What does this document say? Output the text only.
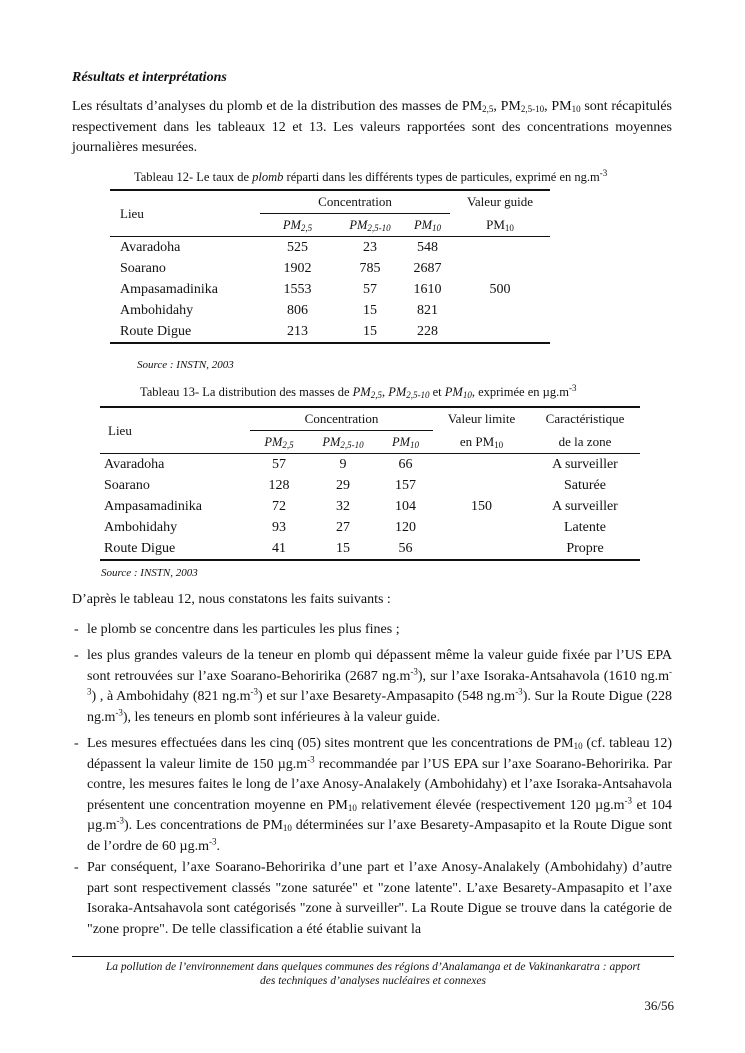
Résultats et interprétations
Les résultats d’analyses du plomb et de la distribution des masses de PM2,5, PM2,5-10, PM10 sont récapitulés respectivement dans les tableaux 12 et 13. Les valeurs rapportées sont des concentrations moyennes journalières mesurées.
Tableau 12- Le taux de plomb réparti dans les différents types de particules, exprimé en $ng.m^{-3}$
Lieu	Concentration			Valeur guide
	PM2,5	PM2,5-10	PM10	PM10
Avaradoha	525	23	548	500
Soarano	1902	785	2687	
Ampasamadinika	1553	57	1610	
Ambohidahy	806	15	821	
Route Digue	213	15	228	
Source : INSTN, 2003
Tableau 13- La distribution des masses de PM2,5, PM2,5-10 et PM10, exprimée en $\mu g.m^{-3}$
Lieu	Concentration			Valeur limite	Caractéristique
	PM2,5	PM2,5-10	PM10	en PM10	de la zone
Avaradoha	57	9	66	150	A surveiller
Soarano	128	29	157		Saturée
Ampasamadinika	72	32	104		A surveiller
Ambohidahy	93	27	120		Latente
Route Digue	41	15	56		Propre
Source : INSTN, 2003
D’après le tableau 12, nous constatons les faits suivants :
- le plomb se concentre dans les particules les plus fines ;
- les plus grandes valeurs de la teneur en plomb qui dépassent même la valeur guide fixée par l’US EPA sont retrouvées sur l’axe Soarano-Behoririka (2687 $ng.m^{-3}$), sur l’axe Isoraka-Antsahavola (1610 $ng.m^{-3}$) , à Ambohidahy (821 $ng.m^{-3}$) et sur l’axe Besarety-Ampasapito (548 $ng.m^{-3}$). Sur la Route Digue (228 $ng.m^{-3}$), les teneurs en plomb sont inférieures à la valeur guide.
- Les mesures effectuées dans les cinq (05) sites montrent que les concentrations de PM10 (cf. tableau 12) dépassent la valeur limite de 150 $\mu g.m^{-3}$ recommandée par l’US EPA sur l’axe Soarano-Behoririka. Par contre, les mesures faites le long de l’axe Anosy-Analakely (Ambohidahy) et l’axe Isoraka-Antsahavola présentent une concentration moyenne en PM10 relativement élevée (respectivement 120 $\mu g.m^{-3}$ et 104 $\mu g.m^{-3}$). Les concentrations de PM10 déterminées sur l’axe Besarety-Ampasapito et la Route Digue sont de l’ordre de 60 $\mu g.m^{-3}$.
- Par conséquent, l’axe Soarano-Behoririka d’une part et l’axe Anosy-Analakely (Ambohidahy) d’autre part sont respectivement classés "zone saturée" et "zone latente". L’axe Besarety-Ampasapito et l’axe Isoraka-Antsahavola sont catégorisés "zone à surveiller". La Route Digue se trouve dans la catégorie de "zone propre". De telle classification a été établie suivant la
La pollution de l’environnement dans quelques communes des régions d’Analamanga et de Vakinankaratra : apport
des techniques d’analyses nucléaires et connexes
36/56
